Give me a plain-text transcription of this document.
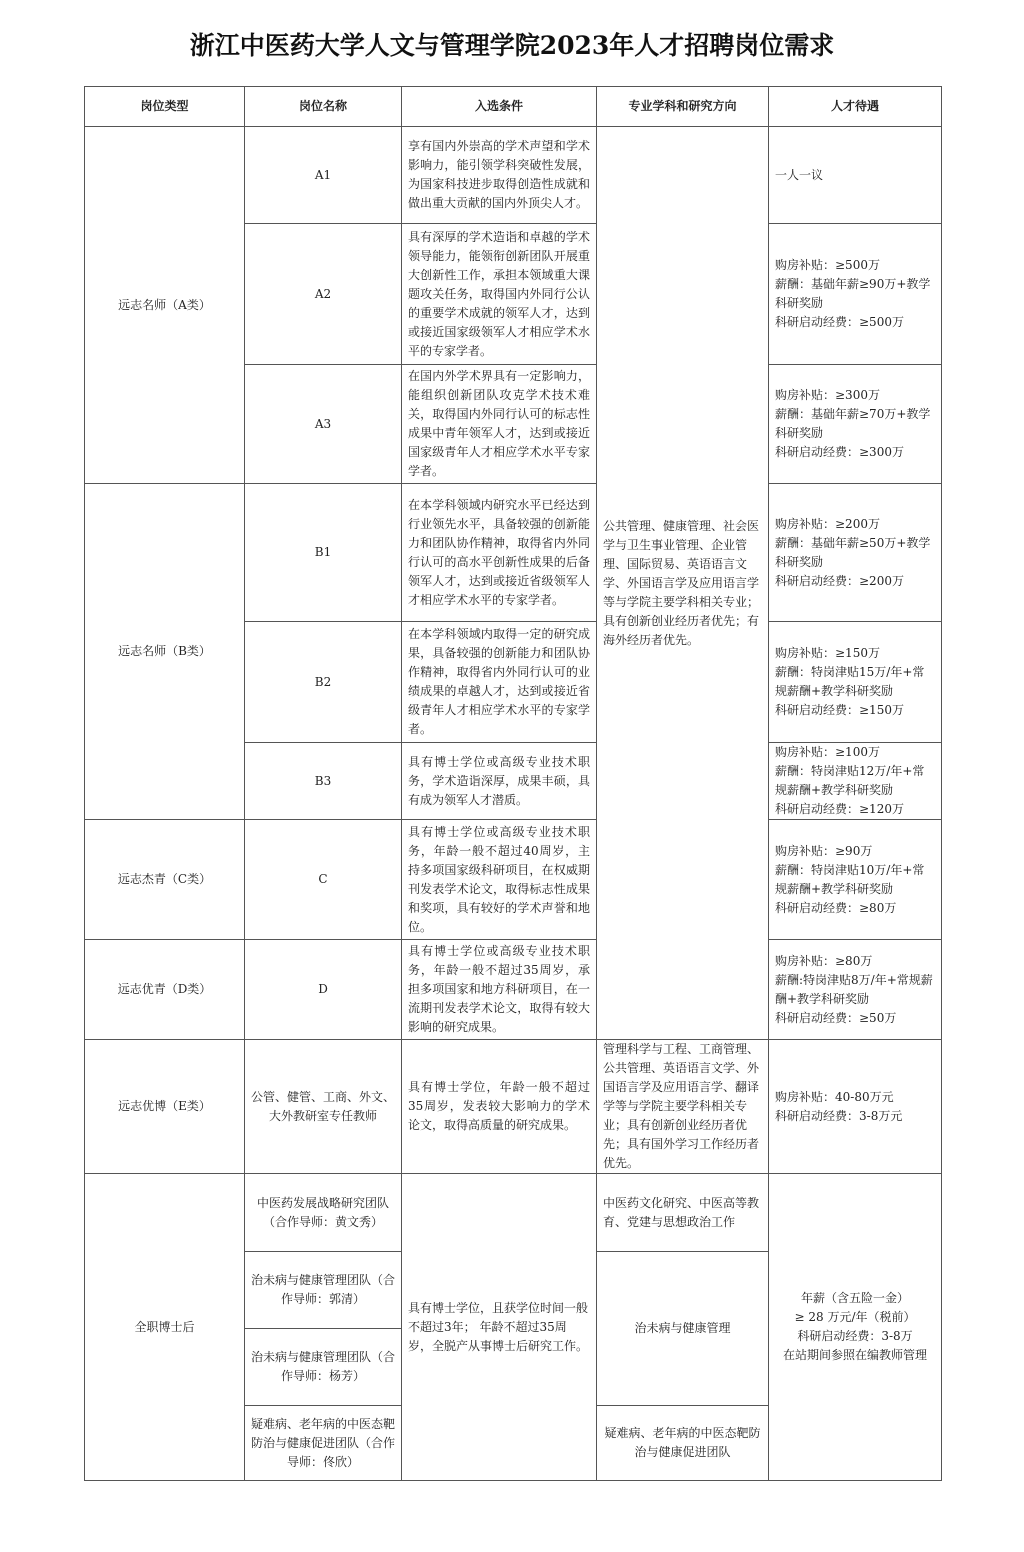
浙江中医药大学人文与管理学院2023年人才招聘岗位需求
岗位类型	岗位名称	入选条件	专业学科和研究方向	人才待遇
远志名师（A类）	A1	享有国内外崇高的学术声望和学术影响力，能引领学科突破性发展，为国家科技进步取得创造性成就和做出重大贡献的国内外顶尖人才。	公共管理、健康管理、社会医学与卫生事业管理、企业管理、国际贸易、英语语言文学、外国语言学及应用语言学等与学院主要学科相关专业；具有创新创业经历者优先；有海外经历者优先。	一人一议
	A2	具有深厚的学术造诣和卓越的学术领导能力，能领衔创新团队开展重大创新性工作，承担本领域重大课题攻关任务，取得国内外同行公认的重要学术成就的领军人才，达到或接近国家级领军人才相应学术水平的专家学者。		购房补贴：≥500万
薪酬：基础年薪≥90万+教学科研奖励
科研启动经费：≥500万
	A3	在国内外学术界具有一定影响力，能组织创新团队攻克学术技术难关，取得国内外同行认可的标志性成果中青年领军人才，达到或接近国家级青年人才相应学术水平专家学者。		购房补贴：≥300万
薪酬：基础年薪≥70万+教学科研奖励
科研启动经费：≥300万
远志名师（B类）	B1	在本学科领域内研究水平已经达到行业领先水平，具备较强的创新能力和团队协作精神，取得省内外同行认可的高水平创新性成果的后备领军人才，达到或接近省级领军人才相应学术水平的专家学者。		购房补贴：≥200万
薪酬：基础年薪≥50万+教学科研奖励
科研启动经费：≥200万
	B2	在本学科领域内取得一定的研究成果，具备较强的创新能力和团队协作精神，取得省内外同行认可的业绩成果的卓越人才，达到或接近省级青年人才相应学术水平的专家学者。		购房补贴：≥150万
薪酬：特岗津贴15万/年+常规薪酬+教学科研奖励
科研启动经费：≥150万
	B3	具有博士学位或高级专业技术职务，学术造诣深厚，成果丰硕，具有成为领军人才潜质。		购房补贴：≥100万
薪酬：特岗津贴12万/年+常规薪酬+教学科研奖励
科研启动经费：≥120万
远志杰青（C类）	C	具有博士学位或高级专业技术职务，年龄一般不超过40周岁，主持多项国家级科研项目，在权威期刊发表学术论文，取得标志性成果和奖项，具有较好的学术声誉和地位。		购房补贴：≥90万
薪酬：特岗津贴10万/年+常规薪酬+教学科研奖励
科研启动经费：≥80万
远志优青（D类）	D	具有博士学位或高级专业技术职务，年龄一般不超过35周岁，承担多项国家和地方科研项目，在一流期刊发表学术论文，取得有较大影响的研究成果。		购房补贴：≥80万
薪酬:特岗津贴8万/年+常规薪酬+教学科研奖励
科研启动经费：≥50万
远志优博（E类）	公管、健管、工商、外文、大外教研室专任教师	具有博士学位，年龄一般不超过35周岁，发表较大影响力的学术论文，取得高质量的研究成果。	管理科学与工程、工商管理、公共管理、英语语言文学、外国语言学及应用语言学、翻译学等与学院主要学科相关专业；具有创新创业经历者优先；具有国外学习工作经历者优先。	购房补贴：40-80万元
科研启动经费：3-8万元
全职博士后	中医药发展战略研究团队（合作导师：黄文秀）	具有博士学位，且获学位时间一般不超过3年； 年龄不超过35周岁，全脱产从事博士后研究工作。	中医药文化研究、中医高等教育、党建与思想政治工作	年薪（含五险一金）
≥ 28 万元/年（税前）
科研启动经费：3-8万
在站期间参照在编教师管理
	治未病与健康管理团队（合作导师：郭清）		治未病与健康管理	
	治未病与健康管理团队（合作导师：杨芳）			
	疑难病、老年病的中医态靶防治与健康促进团队（合作导师：佟欣）		疑难病、老年病的中医态靶防治与健康促进团队	
